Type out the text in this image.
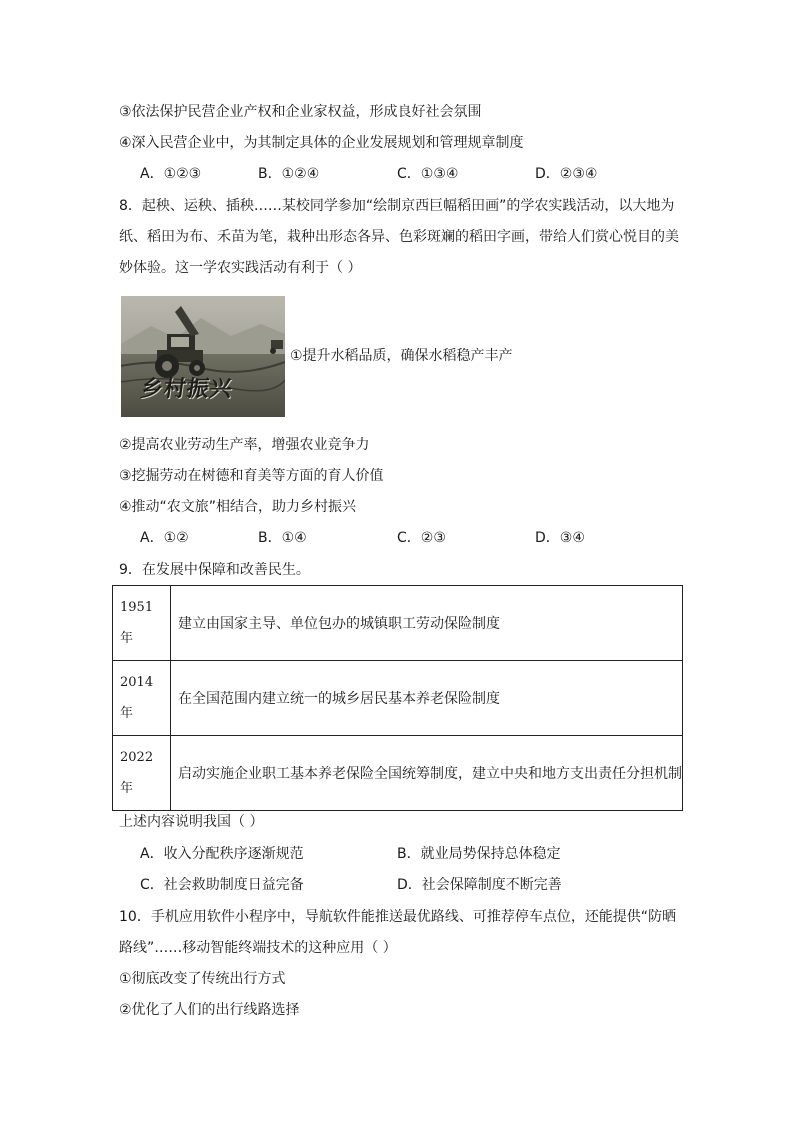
③依法保护民营企业产权和企业家权益，形成良好社会氛围
④深入民营企业中，为其制定具体的企业发展规划和管理规章制度
A．①②③	B．①②④	C．①③④	D．②③④
8．起秧、运秧、插秧……某校同学参加“绘制京西巨幅稻田画”的学农实践活动，以大地为
纸、稻田为布、禾苗为笔，栽种出形态各异、色彩斑斓的稻田字画，带给人们赏心悦目的美
妙体验。这一学农实践活动有利于（ ）
乡村振兴
①提升水稻品质，确保水稻稳产丰产
②提高农业劳动生产率，增强农业竞争力
③挖掘劳动在树德和育美等方面的育人价值
④推动“农文旅”相结合，助力乡村振兴
A．①②	B．①④	C．②③	D．③④
9．在发展中保障和改善民生。
1951
年	建立由国家主导、单位包办的城镇职工劳动保险制度
2014
年	在全国范围内建立统一的城乡居民基本养老保险制度
2022
年	启动实施企业职工基本养老保险全国统筹制度，建立中央和地方支出责任分担机制
上述内容说明我国（ ）
A．收入分配秩序逐渐规范	B．就业局势保持总体稳定
C．社会救助制度日益完备	D．社会保障制度不断完善
10．手机应用软件小程序中，导航软件能推送最优路线、可推荐停车点位，还能提供“防晒
路线”……移动智能终端技术的这种应用（ ）
①彻底改变了传统出行方式
②优化了人们的出行线路选择
